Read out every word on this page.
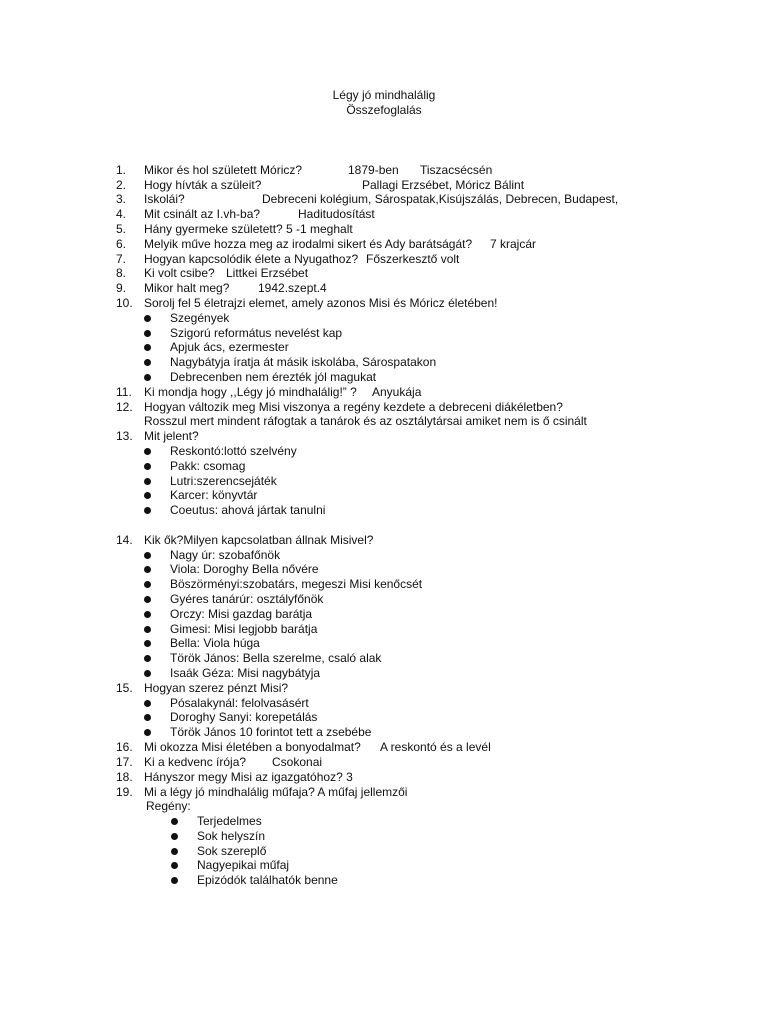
Légy jó mindhalálig
Összefoglalás
1. Mikor és hol született Móricz?	1879-ben Tiszacsécsén
2. Hogy hívták a szüleit?	Pallagi Erzsébet, Móricz Bálint
3. Iskolái?	Debreceni kolégium, Sárospatak,Kisújszálás, Debrecen, Budapest,
4. Mit csinált az I.vh-ba?	Haditudosítást
5. Hány gyermeke született? 5 -1 meghalt
6. Melyik műve hozza meg az irodalmi sikert és Ady barátságát? 7 krajcár
7. Hogyan kapcsolódik élete a Nyugathoz? Főszerkesztő volt
8. Ki volt csibe? Littkei Erzsébet
9. Mikor halt meg? 1942.szept.4
10. Sorolj fel 5 életrajzi elemet, amely azonos Misi és Móricz életében!
Szegények
Szigorú református nevelést kap
Apjuk ács, ezermester
Nagybátyja íratja át másik iskolába, Sárospatakon
Debrecenben nem érezték jól magukat
11. Ki mondja hogy ,,Légy jó mindhalálig!” ? Anyukája
12. Hogyan változik meg Misi viszonya a regény kezdete a debreceni diákéletben?
Rosszul mert mindent ráfogtak a tanárok és az osztálytársai amiket nem is ő csinált
13. Mit jelent?
Reskontó:lottó szelvény
Pakk: csomag
Lutri:szerencsejáték
Karcer: könyvtár
Coeutus: ahová jártak tanulni
14. Kik ők?Milyen kapcsolatban állnak Misivel?
Nagy úr: szobafőnök
Viola: Doroghy Bella nővére
Böszörményi:szobatárs, megeszi Misi kenőcsét
Gyéres tanárúr: osztályfőnök
Orczy: Misi gazdag barátja
Gimesi: Misi legjobb barátja
Bella: Viola húga
Török János: Bella szerelme, csaló alak
Isaák Géza: Misi nagybátyja
15. Hogyan szerez pénzt Misi?
Pósalakynál: felolvasásért
Doroghy Sanyi: korepetálás
Török János 10 forintot tett a zsebébe
16. Mi okozza Misi életében a bonyodalmat? A reskontó és a levél
17. Ki a kedvenc írója? Csokonai
18. Hányszor megy Misi az igazgatóhoz? 3
19. Mi a légy jó mindhalálig műfaja? A műfaj jellemzői
Regény:
Terjedelmes
Sok helyszín
Sok szereplő
Nagyepikai műfaj
Epizódók találhatók benne
